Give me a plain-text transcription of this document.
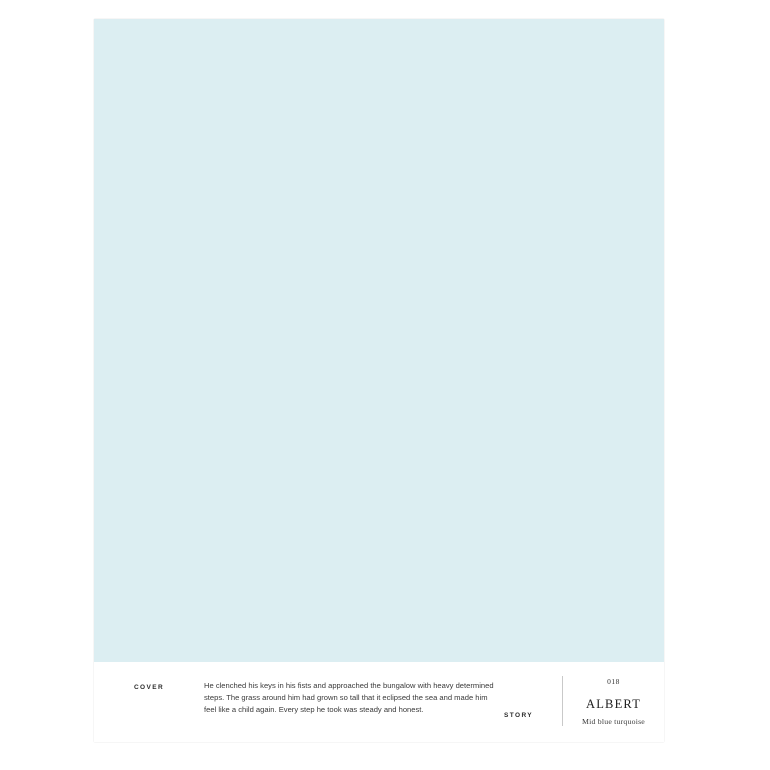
COVER	He clenched his keys in his fists and approached the bungalow with heavy determined steps. The grass around him had grown so tall that it eclipsed the sea and made him feel like a child again. Every step he took was steady and honest.

STORY
018
ALBERT
Mid blue turquoise
